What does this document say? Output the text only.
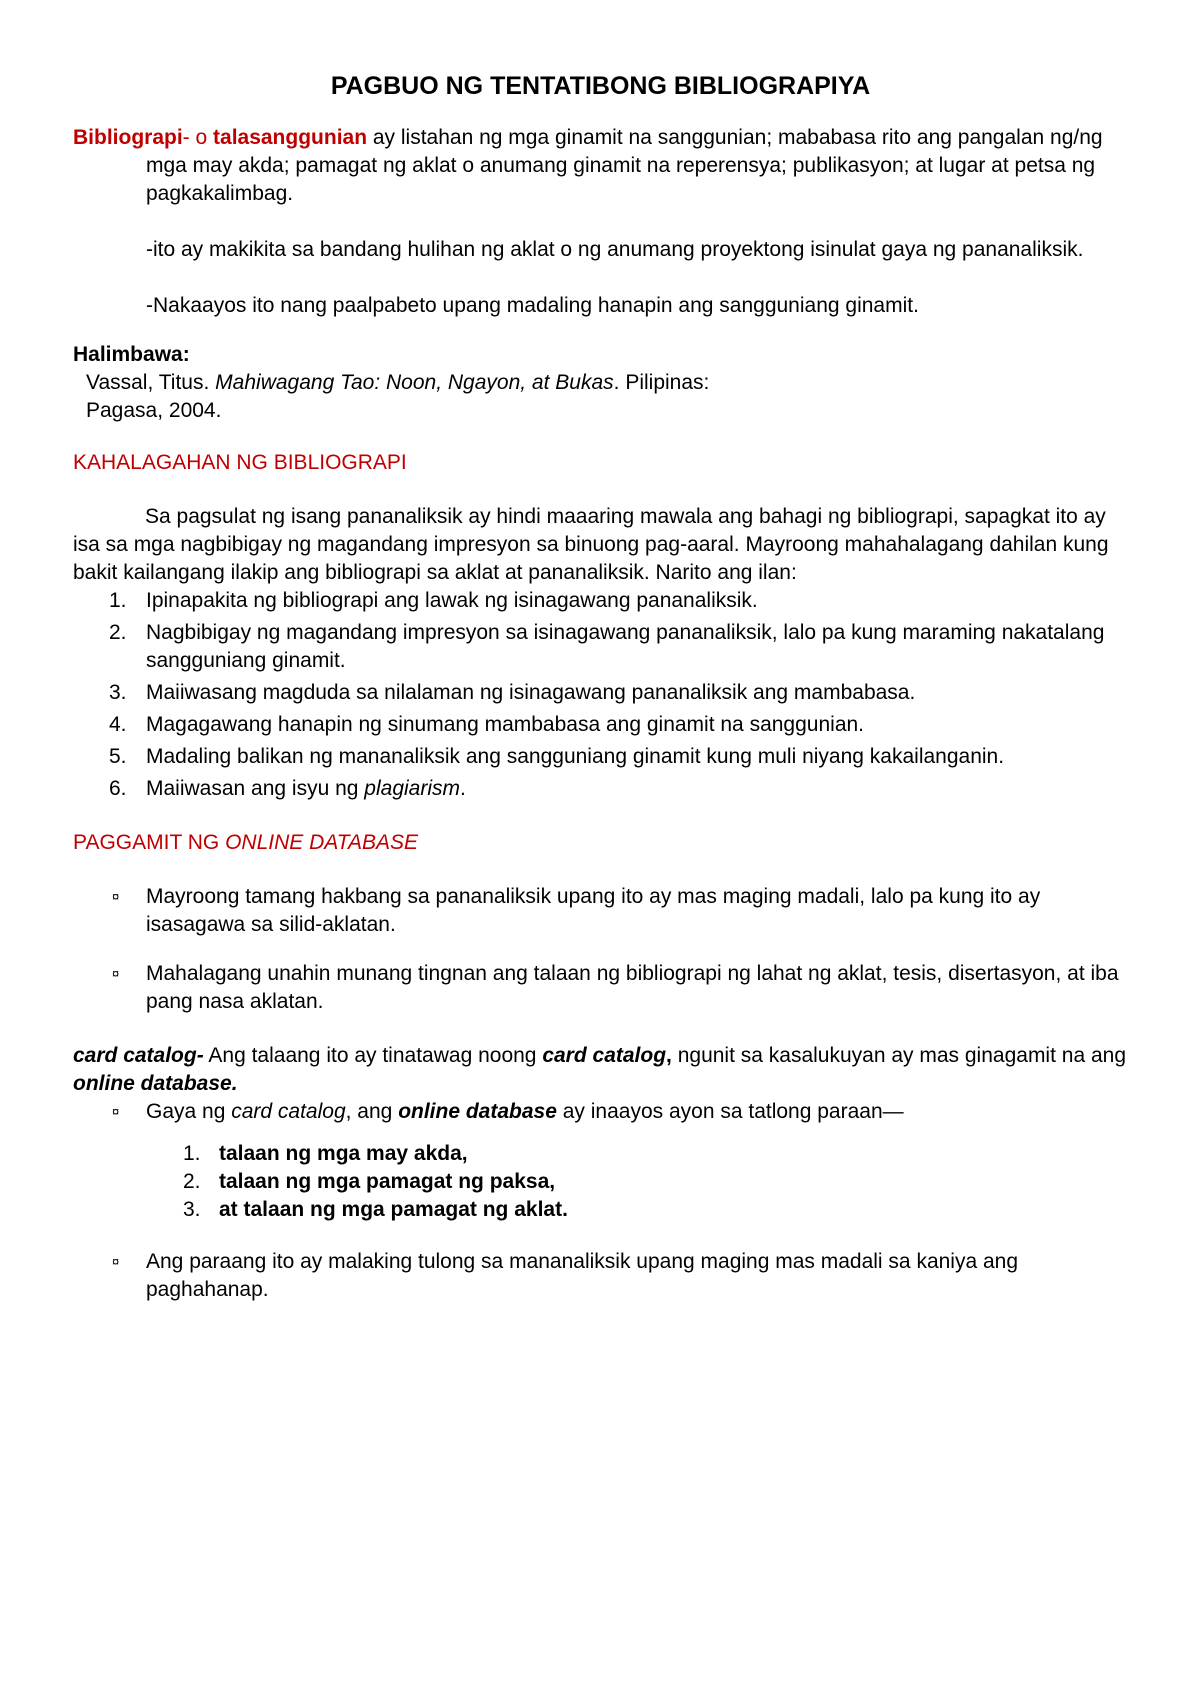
PAGBUO NG TENTATIBONG BIBLIOGRAPIYA

Bibliograpi- o talasanggunian ay listahan ng mga ginamit na sanggunian; mababasa rito ang pangalan ng/ng mga may akda; pamagat ng aklat o anumang ginamit na reperensya; publikasyon; at lugar at petsa ng pagkakalimbag.

-ito ay makikita sa bandang hulihan ng aklat o ng anumang proyektong isinulat gaya ng pananaliksik.

-Nakaayos ito nang paalpabeto upang madaling hanapin ang sangguniang ginamit.

Halimbawa:

Vassal, Titus. Mahiwagang Tao: Noon, Ngayon, at Bukas. Pilipinas:

Pagasa, 2004.

KAHALAGAHAN NG BIBLIOGRAPI

Sa pagsulat ng isang pananaliksik ay hindi maaaring mawala ang bahagi ng bibliograpi, sapagkat ito ay isa sa mga nagbibigay ng magandang impresyon sa binuong pag-aaral. Mayroong mahahalagang dahilan kung bakit kailangang ilakip ang bibliograpi sa aklat at pananaliksik. Narito ang ilan:

1. Ipinapakita ng bibliograpi ang lawak ng isinagawang pananaliksik.
2. Nagbibigay ng magandang impresyon sa isinagawang pananaliksik, lalo pa kung maraming nakatalang sangguniang ginamit.
3. Maiiwasang magduda sa nilalaman ng isinagawang pananaliksik ang mambabasa.
4. Magagawang hanapin ng sinumang mambabasa ang ginamit na sanggunian.
5. Madaling balikan ng mananaliksik ang sangguniang ginamit kung muli niyang kakailanganin.
6. Maiiwasan ang isyu ng plagiarism.

PAGGAMIT NG ONLINE DATABASE

¤ Mayroong tamang hakbang sa pananaliksik upang ito ay mas maging madali, lalo pa kung ito ay isasagawa sa silid-aklatan.
¤ Mahalagang unahin munang tingnan ang talaan ng bibliograpi ng lahat ng aklat, tesis, disertasyon, at iba pang nasa aklatan.

card catalog- Ang talaang ito ay tinatawag noong card catalog, ngunit sa kasalukuyan ay mas ginagamit na ang online database.

¤ Gaya ng card catalog, ang online database ay inaayos ayon sa tatlong paraan—
1. talaan ng mga may akda,
2. talaan ng mga pamagat ng paksa,
3. at talaan ng mga pamagat ng aklat.
¤ Ang paraang ito ay malaking tulong sa mananaliksik upang maging mas madali sa kaniya ang paghahanap.
